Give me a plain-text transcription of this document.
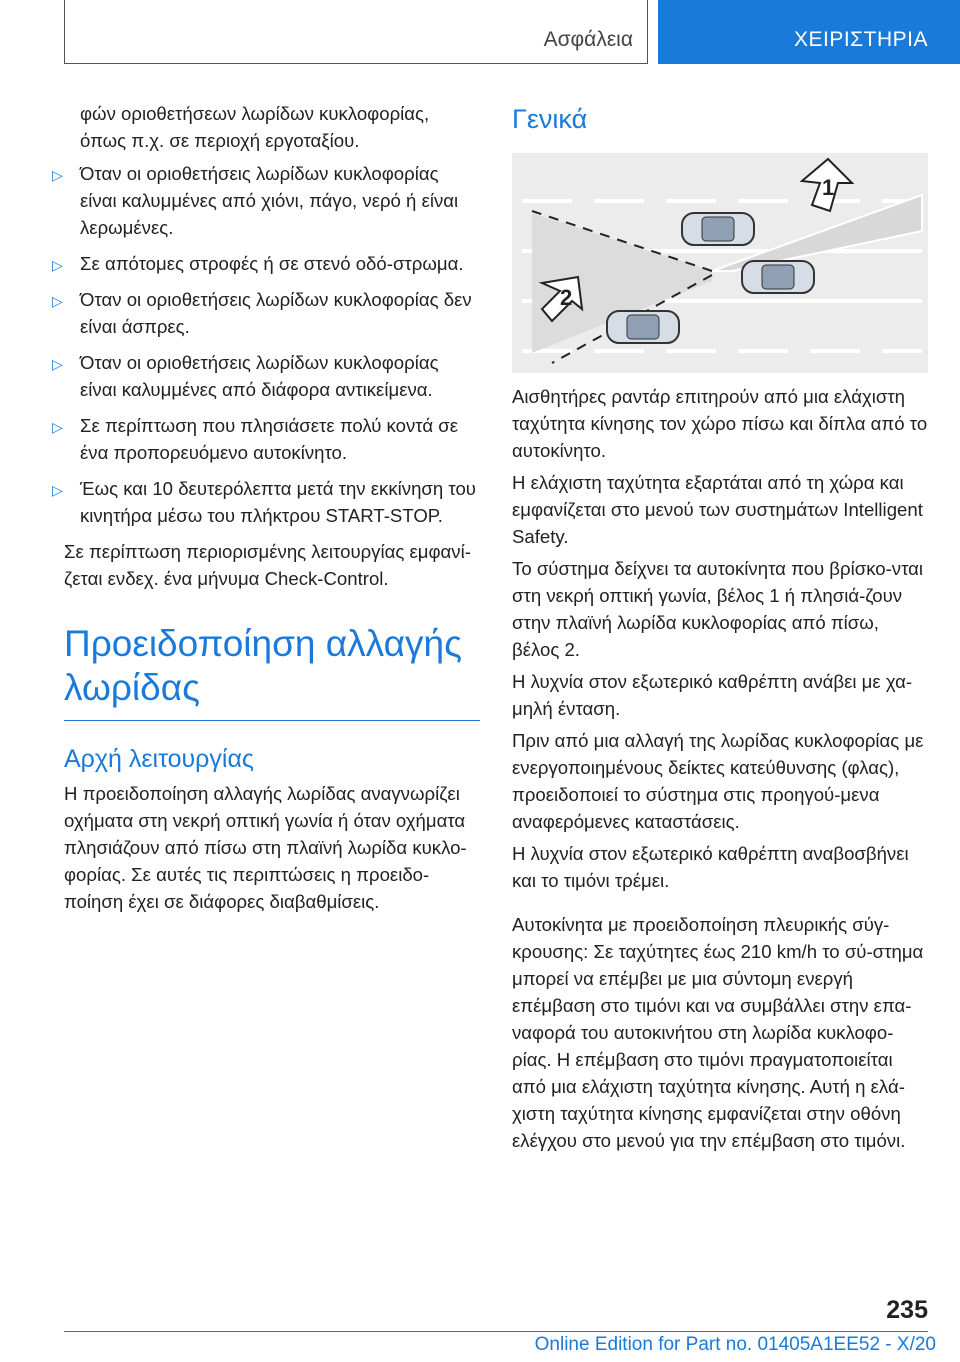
Ασφάλεια	ΧΕΙΡΙΣΤΗΡΙΑ

φών οριοθετήσεων λωρίδων κυκλοφορίας, όπως π.χ. σε περιοχή εργοταξίου.

▷ Όταν οι οριοθετήσεις λωρίδων κυκλοφορίας είναι καλυμμένες από χιόνι, πάγο, νερό ή είναι λερωμένες.
▷ Σε απότομες στροφές ή σε στενό οδό-στρωμα.
▷ Όταν οι οριοθετήσεις λωρίδων κυκλοφορίας δεν είναι άσπρες.
▷ Όταν οι οριοθετήσεις λωρίδων κυκλοφορίας είναι καλυμμένες από διάφορα αντικείμενα.
▷ Σε περίπτωση που πλησιάσετε πολύ κοντά σε ένα προπορευόμενο αυτοκίνητο.
▷ Έως και 10 δευτερόλεπτα μετά την εκκίνηση του κινητήρα μέσω του πλήκτρου START-STOP.

Σε περίπτωση περιορισμένης λειτουργίας εμφανί-ζεται ενδεχ. ένα μήνυμα Check-Control.

Προειδοποίηση αλλαγής λωρίδας
Αρχή λειτουργίας

Η προειδοποίηση αλλαγής λωρίδας αναγνωρίζει οχήματα στη νεκρή οπτική γωνία ή όταν οχήματα πλησιάζουν από πίσω στη πλαϊνή λωρίδα κυκλο-φορίας. Σε αυτές τις περιπτώσεις η προειδο-ποίηση έχει σε διάφορες διαβαθμίσεις.

Γενικά
1
2

Αισθητήρες ραντάρ επιτηρούν από μια ελάχιστη ταχύτητα κίνησης τον χώρο πίσω και δίπλα από το αυτοκίνητο.

Η ελάχιστη ταχύτητα εξαρτάται από τη χώρα και εμφανίζεται στο μενού των συστημάτων Intelligent Safety.

Το σύστημα δείχνει τα αυτοκίνητα που βρίσκο-νται στη νεκρή οπτική γωνία, βέλος 1 ή πλησιά-ζουν στην πλαϊνή λωρίδα κυκλοφορίας από πίσω, βέλος 2.

Η λυχνία στον εξωτερικό καθρέπτη ανάβει με χα-μηλή ένταση.

Πριν από μια αλλαγή της λωρίδας κυκλοφορίας με ενεργοποιημένους δείκτες κατεύθυνσης (φλας), προειδοποιεί το σύστημα στις προηγού-μενα αναφερόμενες καταστάσεις.

Η λυχνία στον εξωτερικό καθρέπτη αναβοσβήνει και το τιμόνι τρέμει.

Αυτοκίνητα με προειδοποίηση πλευρικής σύγ-κρουσης: Σε ταχύτητες έως 210 km/h το σύ-στημα μπορεί να επέμβει με μια σύντομη ενεργή επέμβαση στο τιμόνι και να συμβάλλει στην επα-ναφορά του αυτοκινήτου στη λωρίδα κυκλοφο-ρίας. Η επέμβαση στο τιμόνι πραγματοποιείται από μια ελάχιστη ταχύτητα κίνησης. Αυτή η ελά-χιστη ταχύτητα κίνησης εμφανίζεται στην οθόνη ελέγχου στο μενού για την επέμβαση στο τιμόνι.

235
Online Edition for Part no. 01405A1EE52 - X/20
